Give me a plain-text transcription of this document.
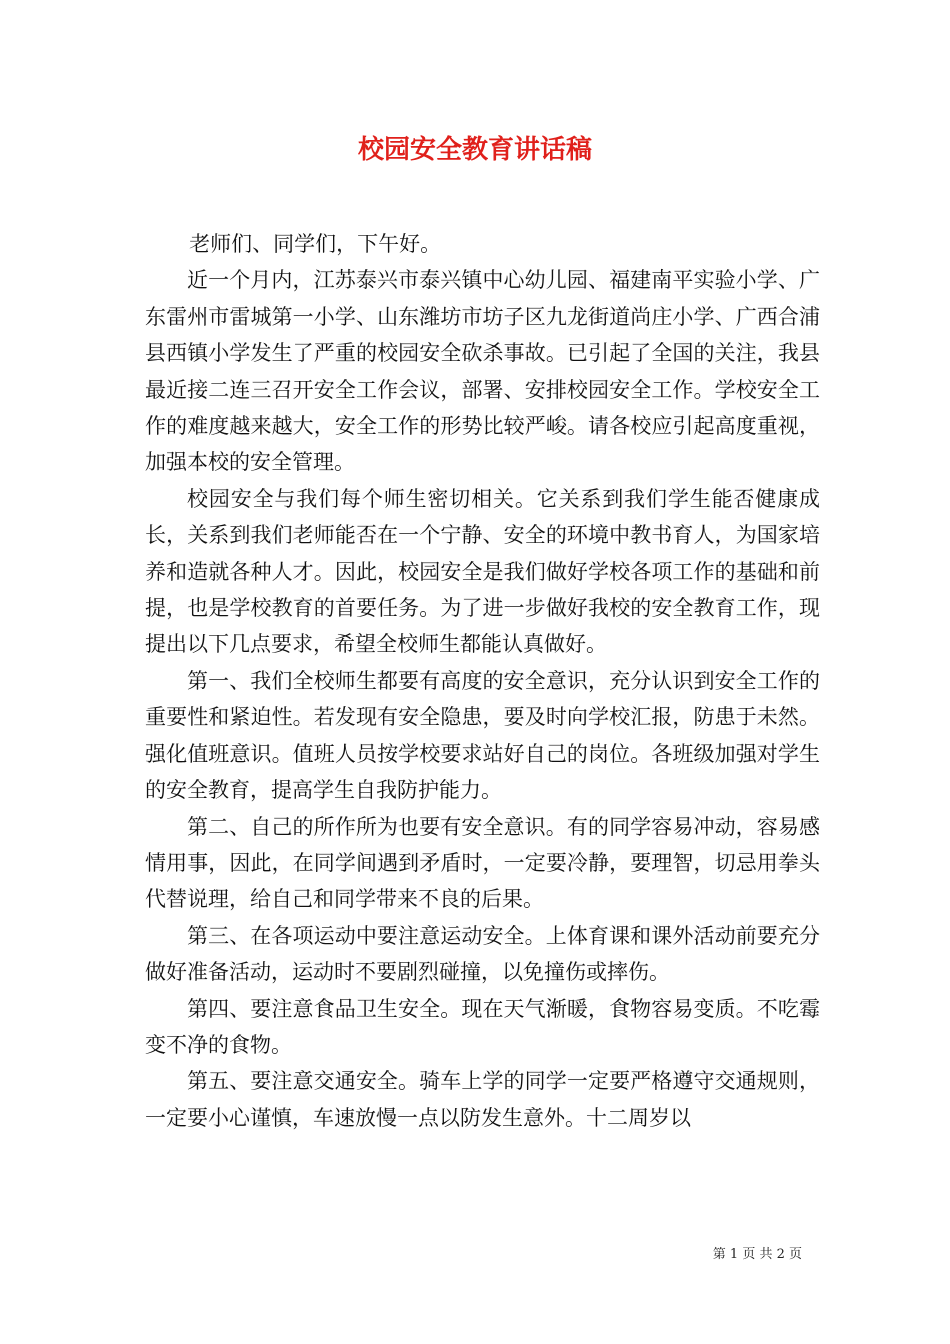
校园安全教育讲话稿

老师们、同学们，下午好。

近一个月内，江苏泰兴市泰兴镇中心幼儿园、福建南平实验小学、广东雷州市雷城第一小学、山东潍坊市坊子区九龙街道尚庄小学、广西合浦县西镇小学发生了严重的校园安全砍杀事故。已引起了全国的关注，我县最近接二连三召开安全工作会议，部署、安排校园安全工作。学校安全工作的难度越来越大，安全工作的形势比较严峻。请各校应引起高度重视，加强本校的安全管理。

校园安全与我们每个师生密切相关。它关系到我们学生能否健康成长，关系到我们老师能否在一个宁静、安全的环境中教书育人，为国家培养和造就各种人才。因此，校园安全是我们做好学校各项工作的基础和前提，也是学校教育的首要任务。为了进一步做好我校的安全教育工作，现提出以下几点要求，希望全校师生都能认真做好。

第一、我们全校师生都要有高度的安全意识，充分认识到安全工作的重要性和紧迫性。若发现有安全隐患，要及时向学校汇报，防患于未然。强化值班意识。值班人员按学校要求站好自己的岗位。各班级加强对学生的安全教育，提高学生自我防护能力。

第二、自己的所作所为也要有安全意识。有的同学容易冲动，容易感情用事，因此，在同学间遇到矛盾时，一定要冷静，要理智，切忌用拳头代替说理，给自己和同学带来不良的后果。

第三、在各项运动中要注意运动安全。上体育课和课外活动前要充分做好准备活动，运动时不要剧烈碰撞，以免撞伤或摔伤。

第四、要注意食品卫生安全。现在天气渐暖，食物容易变质。不吃霉变不净的食物。

第五、要注意交通安全。骑车上学的同学一定要严格遵守交通规则，一定要小心谨慎，车速放慢一点以防发生意外。十二周岁以

第 1 页 共 2 页
